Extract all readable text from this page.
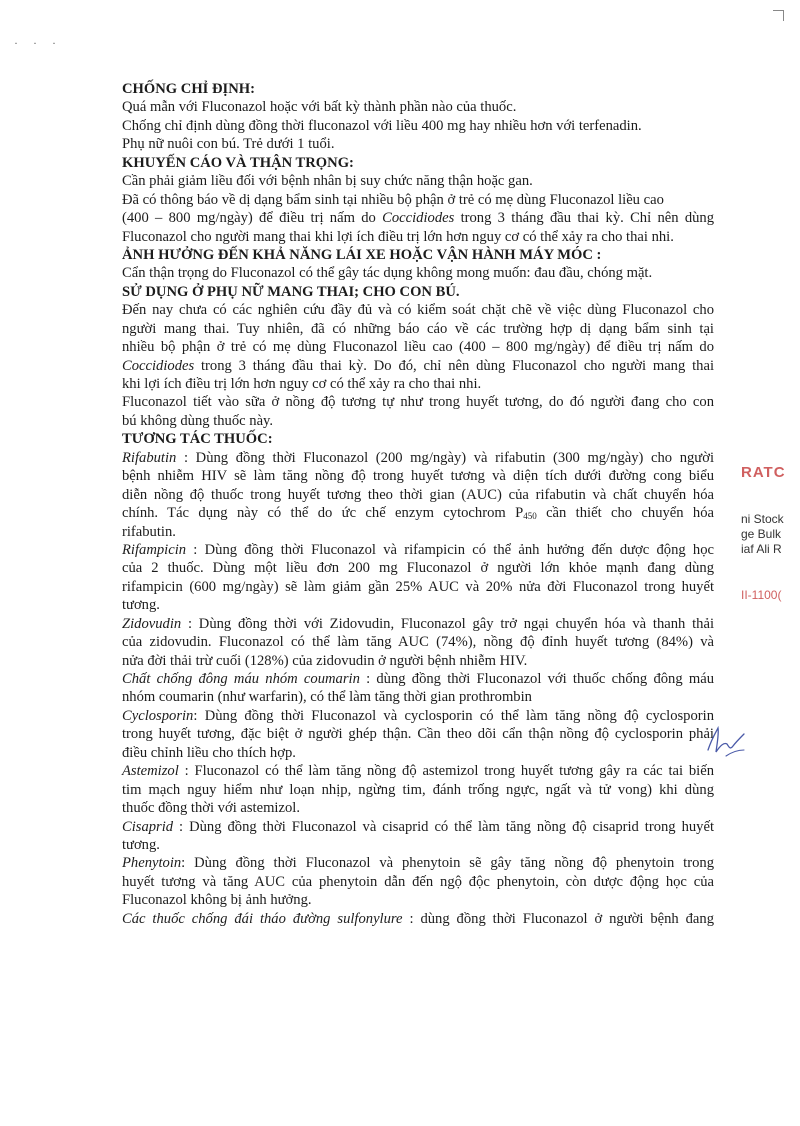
· · ·
CHỐNG CHỈ ĐỊNH:
Quá mẫn với Fluconazol hoặc với bất kỳ thành phần nào của thuốc.
Chống chỉ định dùng đồng thời fluconazol với liều 400 mg hay nhiều hơn với terfenadin.
Phụ nữ nuôi con bú. Trẻ dưới 1 tuổi.
KHUYẾN CÁO VÀ THẬN TRỌNG:
Cần phải giảm liều đối với bệnh nhân bị suy chức năng thận hoặc gan.
Đã có thông báo về dị dạng bẩm sinh tại nhiều bộ phận ở trẻ có mẹ dùng Fluconazol liều cao
(400 – 800 mg/ngày) để điều trị nấm do Coccidiodes trong 3 tháng đầu thai kỳ. Chỉ nên dùng
Fluconazol cho người mang thai khi lợi ích điều trị lớn hơn nguy cơ có thể xảy ra cho thai nhi.
ẢNH HƯỞNG ĐẾN KHẢ NĂNG LÁI XE HOẶC VẬN HÀNH MÁY MÓC :
Cẩn thận trọng do Fluconazol có thể gây tác dụng không mong muốn: đau đầu, chóng mặt.
SỬ DỤNG Ở PHỤ NỮ MANG THAI; CHO CON BÚ.
Đến nay chưa có các nghiên cứu đầy đủ và có kiểm soát chặt chẽ về việc dùng Fluconazol cho
người mang thai. Tuy nhiên, đã có những báo cáo về các trường hợp dị dạng bẩm sinh tại
nhiều bộ phận ở trẻ có mẹ dùng Fluconazol liều cao (400 – 800 mg/ngày) để điều trị nấm do
Coccidiodes trong 3 tháng đầu thai kỳ. Do đó, chỉ nên dùng Fluconazol cho người mang thai
khi lợi ích điều trị lớn hơn nguy cơ có thể xảy ra cho thai nhi.
Fluconazol tiết vào sữa ở nồng độ tương tự như trong huyết tương, do đó người đang cho con
bú không dùng thuốc này.
TƯƠNG TÁC THUỐC:
Rifabutin : Dùng đồng thời Fluconazol (200 mg/ngày) và rifabutin (300 mg/ngày) cho người
bệnh nhiễm HIV sẽ làm tăng nồng độ trong huyết tương và diện tích dưới đường cong biểu
diễn nồng độ thuốc trong huyết tương theo thời gian (AUC) của rifabutin và chất chuyển hóa
chính. Tác dụng này có thể do ức chế enzym cytochrom $P_{450}$ cần thiết cho chuyển hóa
rifabutin.
Rifampicin : Dùng đồng thời Fluconazol và rifampicin có thể ảnh hưởng đến dược động học
của 2 thuốc. Dùng một liều đơn 200 mg Fluconazol ở người lớn khỏe mạnh đang dùng
rifampicin (600 mg/ngày) sẽ làm giảm gần 25% AUC và 20% nửa đời Fluconazol trong huyết
tương.
Zidovudin : Dùng đồng thời với Zidovudin, Fluconazol gây trở ngại chuyển hóa và thanh thải
của zidovudin. Fluconazol có thể làm tăng AUC (74%), nồng độ đỉnh huyết tương (84%) và
nửa đời thải trừ cuối (128%) của zidovudin ở người bệnh nhiễm HIV.
Chất chống đông máu nhóm coumarin : dùng đồng thời Fluconazol với thuốc chống đông máu
nhóm coumarin (như warfarin), có thể làm tăng thời gian prothrombin
Cyclosporin: Dùng đồng thời Fluconazol và cyclosporin có thể làm tăng nồng độ cyclosporin
trong huyết tương, đặc biệt ở người ghép thận. Cần theo dõi cẩn thận nồng độ cyclosporin phải
điều chỉnh liều cho thích hợp.
Astemizol : Fluconazol có thể làm tăng nồng độ astemizol trong huyết tương gây ra các tai biến
tim mạch nguy hiểm như loạn nhịp, ngừng tim, đánh trống ngực, ngất và tử vong) khi dùng
thuốc đồng thời với astemizol.
Cisaprid : Dùng đồng thời Fluconazol và cisaprid có thể làm tăng nồng độ cisaprid trong huyết
tương.
Phenytoin: Dùng đồng thời Fluconazol và phenytoin sẽ gây tăng nồng độ phenytoin trong
huyết tương và tăng AUC của phenytoin dẫn đến ngộ độc phenytoin, còn dược động học của
Fluconazol không bị ảnh hưởng.
Các thuốc chống đái tháo đường sulfonylure : dùng đồng thời Fluconazol ở người bệnh đang
RATC
ni Stock
ge Bulk
iaf Ali R
II-1100(
